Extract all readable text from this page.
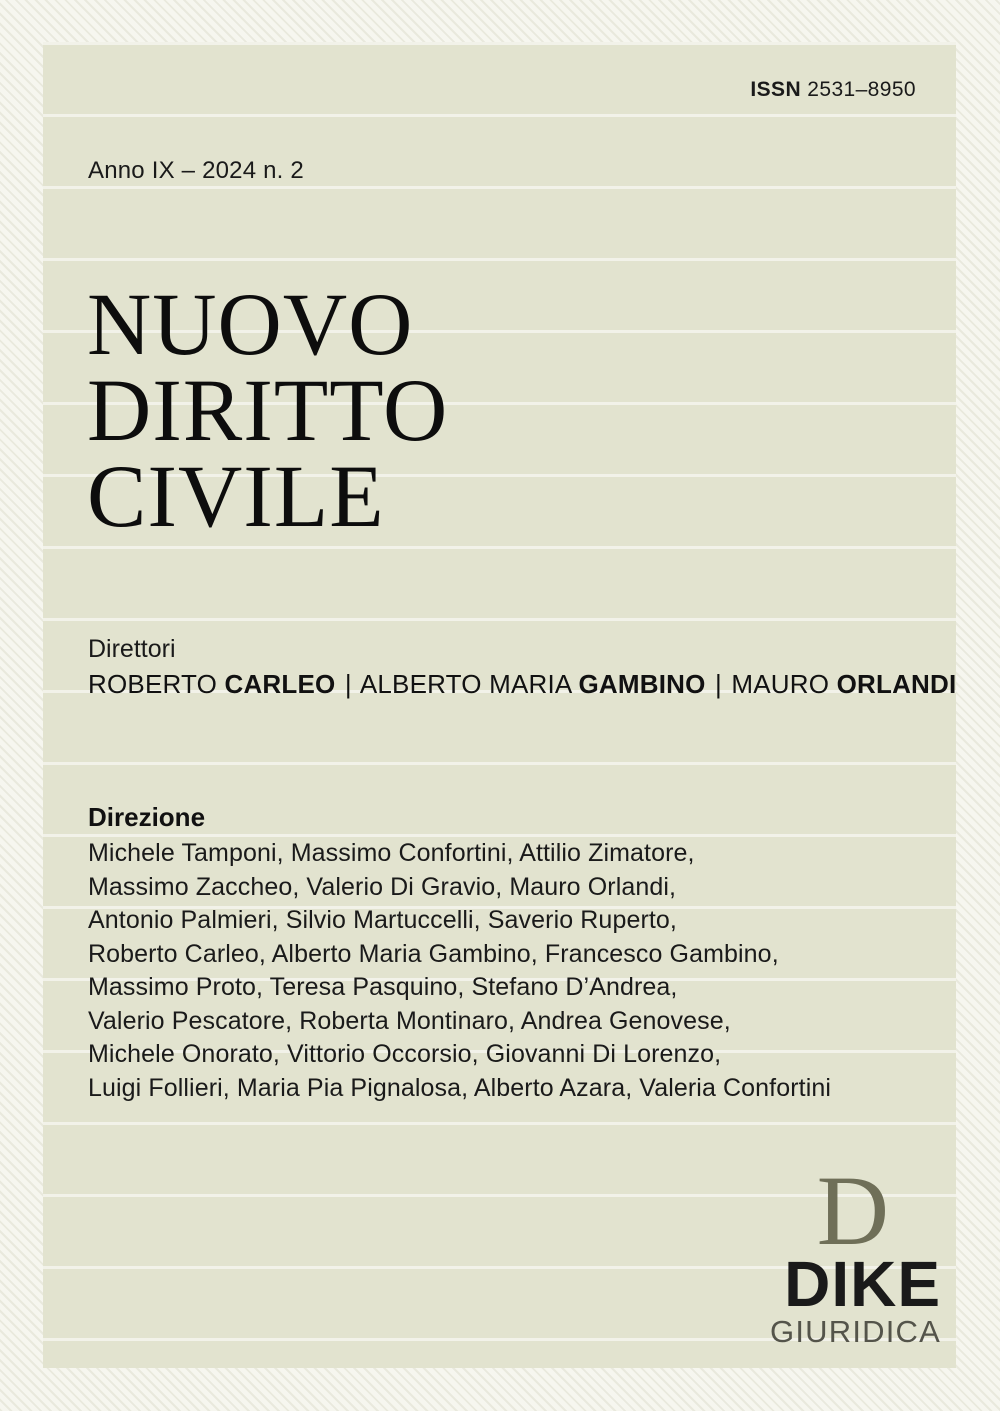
ISSN 2531–8950
Anno IX – 2024 n. 2
NUOVO
DIRITTO
CIVILE
Direttori
ROBERTO CARLEO | ALBERTO MARIA GAMBINO | MAURO ORLANDI
Direzione
Michele Tamponi, Massimo Confortini, Attilio Zimatore,
Massimo Zaccheo, Valerio Di Gravio, Mauro Orlandi,
Antonio Palmieri, Silvio Martuccelli, Saverio Ruperto,
Roberto Carleo, Alberto Maria Gambino, Francesco Gambino,
Massimo Proto, Teresa Pasquino, Stefano D’Andrea,
Valerio Pescatore, Roberta Montinaro, Andrea Genovese,
Michele Onorato, Vittorio Occorsio, Giovanni Di Lorenzo,
Luigi Follieri, Maria Pia Pignalosa, Alberto Azara, Valeria Confortini
D
DIKE
GIURIDICA
